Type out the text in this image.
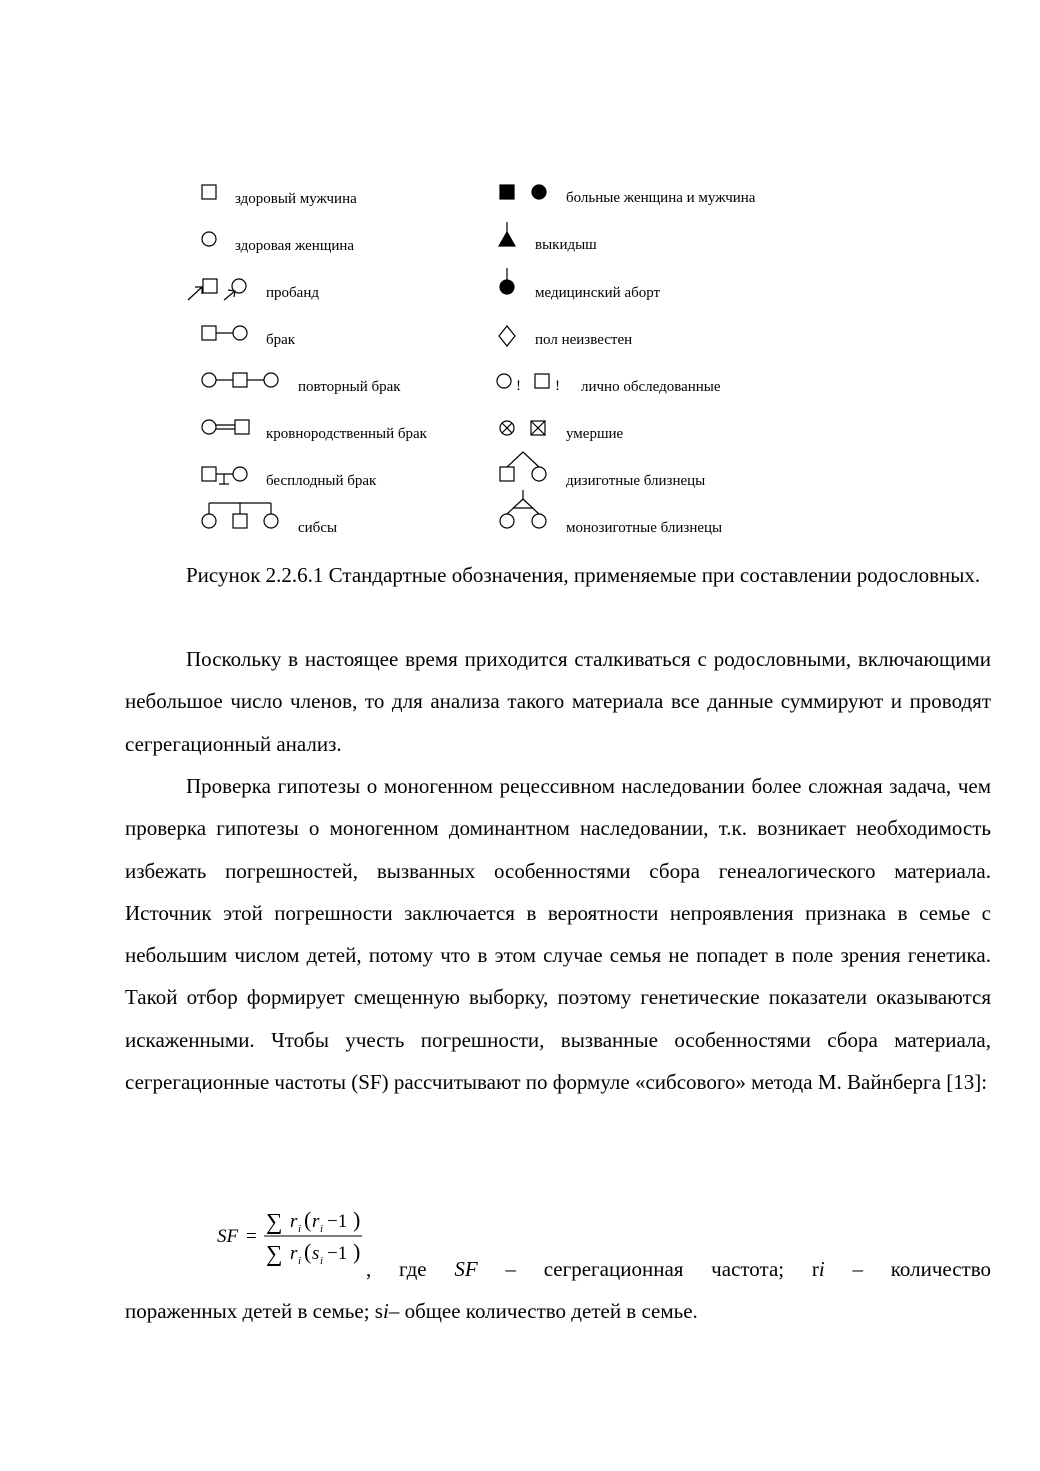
! !
здоровый мужчина
здоровая женщина
пробанд
брак
повторный брак
кровнородственный брак
бесплодный брак
сибсы
больные женщина и мужчина
выкидыш
медицинский аборт
пол неизвестен
лично обследованные
умершие
дизиготные близнецы
монозиготные близнецы

Рисунок 2.2.6.1 Стандартные обозначения, применяемые при составлении родословных.

Поскольку в настоящее время приходится сталкиваться с родословными, включающими небольшое число членов, то для анализа такого материала все данные суммируют и проводят сегрегационный анализ.

Проверка гипотезы о моногенном рецессивном наследовании более сложная задача, чем проверка гипотезы о моногенном доминантном наследовании, т.к. возникает необходимость избежать погрешностей, вызванных особенностями сбора генеалогического материала. Источник этой погрешности заключается в вероятности непроявления признака в семье с небольшим числом детей, потому что в этом случае семья не попадет в поле зрения генетика. Такой отбор формирует смещенную выборку, поэтому генетические показатели оказываются искаженными. Чтобы учесть погрешности, вызванные особенностями сбора материала, сегрегационные частоты (SF) рассчитывают по формуле «сибсового» метода М. Вайнберга [13]:

SF =
∑ r i ( r i −1 )
∑ r i ( s i −1 )
, где SF – сегрегационная частота; ri – количество
пораженных детей в семье; si– общее количество детей в семье.
